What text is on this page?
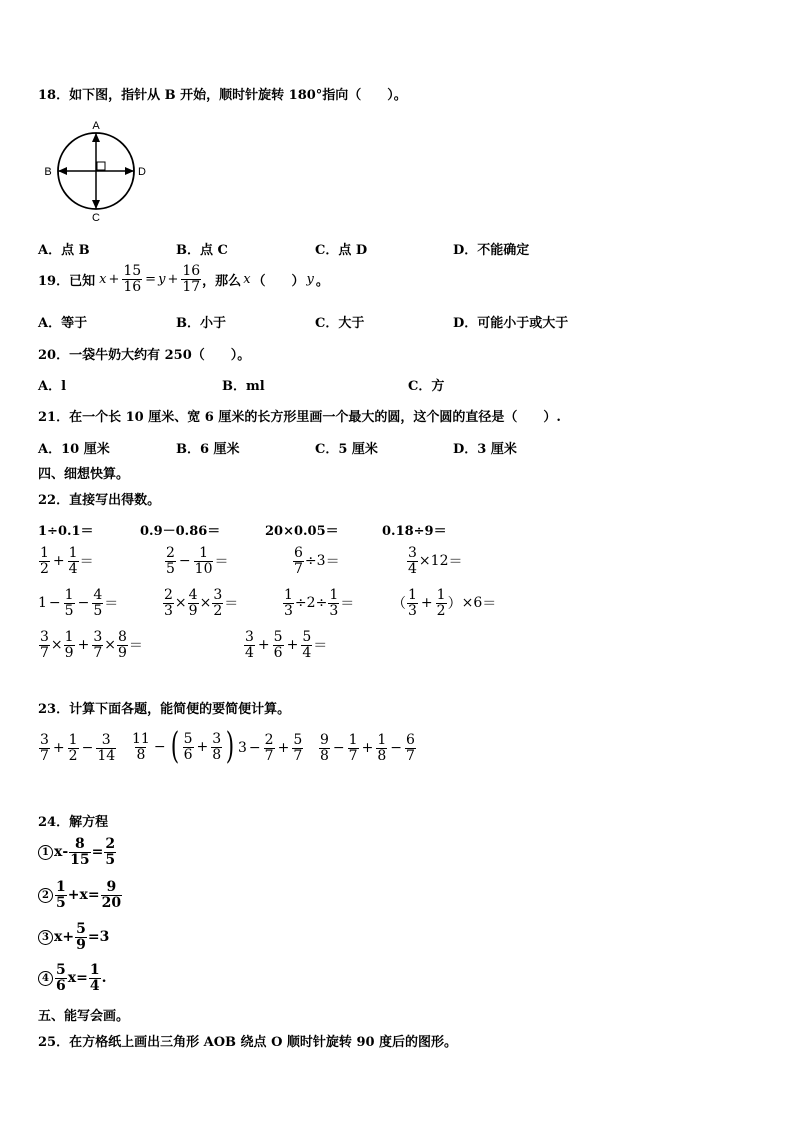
18．如下图，指针从 B 开始，顺时针旋转 180°指向（　　）。
A
B
C
D
A．点 B	B．点 C	C．点 D	D．不能确定
19．已知 $x + \frac{15}{16} = y + \frac{16}{17}$ ，那么 x （　　） y 。
A．等于	B．小于	C．大于	D．可能小于或大于
20．一袋牛奶大约有 250（　　）。
A．l	B．ml	C．方
21．在一个长 10 厘米、宽 6 厘米的长方形里画一个最大的圆，这个圆的直径是（　　）.
A．10 厘米	B．6 厘米	C．5 厘米	D．3 厘米
四、细想快算。
22．直接写出得数。
1÷0.1＝	0.9－0.86＝	20×0.05＝	0.18÷9＝
$\frac{1}{2} + \frac{1}{4}$ ＝	$\frac{2}{5} - \frac{1}{10}$ ＝	$\frac{6}{7} \div 3$ ＝	$\frac{3}{4} \times 12$ ＝
$1 - \frac{1}{5} - \frac{4}{5}$ ＝	$\frac{2}{3} \times \frac{4}{9} \times \frac{3}{2}$ ＝	$\frac{1}{3} \div 2 \div \frac{1}{3}$ ＝	（ $\frac{1}{3} + \frac{1}{2}$ ） × 6 ＝
$\frac{3}{7} \times \frac{1}{9} + \frac{3}{7} \times \frac{8}{9}$ ＝	$\frac{3}{4} + \frac{5}{6} + \frac{5}{4}$ ＝
23．计算下面各题，能简便的要简便计算。
$\frac{3}{7} + \frac{1}{2} - \frac{3}{14} \frac{11}{8}$ − ( $\frac{5}{6} + \frac{3}{8}$ ) $3 - \frac{2}{7} + \frac{5}{7} \frac{9}{8} - \frac{1}{7} + \frac{1}{8} - \frac{6}{7}$
24．解方程
1 $x - \frac{8}{15} = \frac{2}{5}$
$2 \frac{1}{5} + x = \frac{9}{20}$
3 $x + \frac{5}{9} = 3$
$4 \frac{5}{6}$ $x = \frac{1}{4}$ .
五、能写会画。
25．在方格纸上画出三角形 AOB 绕点 O 顺时针旋转 90 度后的图形。
